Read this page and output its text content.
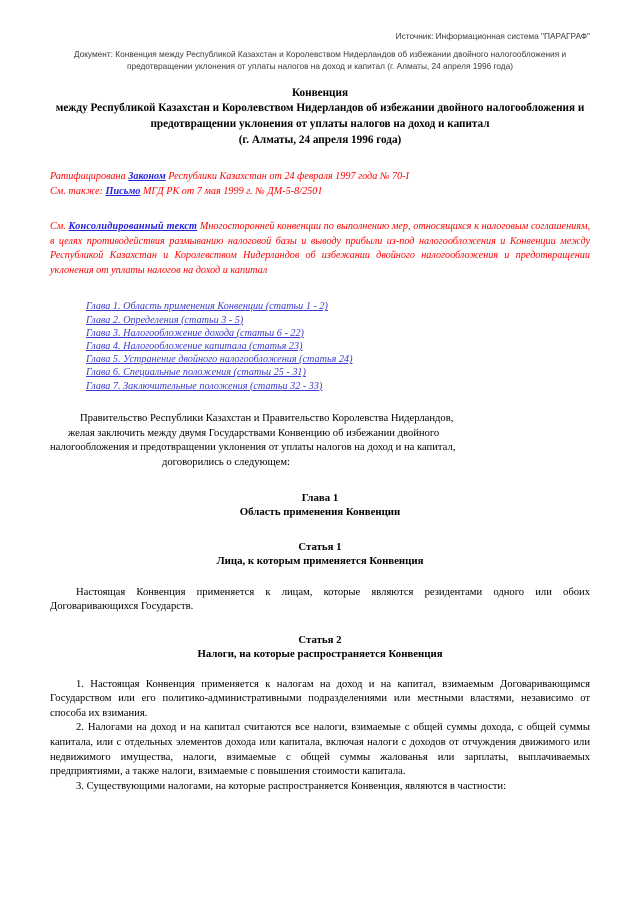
Источник: Информационная система "ПАРАГРАФ"
Документ: Конвенция между Республикой Казахстан и Королевством Нидерландов об избежании двойного налогообложения и предотвращении уклонения от уплаты налогов на доход и капитал (г. Алматы, 24 апреля 1996 года)
Конвенция
между Республикой Казахстан и Королевством Нидерландов об избежании двойного налогообложения и предотвращении уклонения от уплаты налогов на доход и капитал
(г. Алматы, 24 апреля 1996 года)
Ратифицирована Законом Республики Казахстан от 24 февраля 1997 года № 70-I
См. также: Письмо МГД РК от 7 мая 1999 г. № ДМ-5-8/2501
См. Консолидированный текст Многосторонней конвенции по выполнению мер, относящихся к налоговым соглашениям, в целях противодействия размыванию налоговой базы и выводу прибыли из-под налогообложения и Конвенции между Республикой Казахстан и Королевством Нидерландов об избежании двойного налогообложения и предотвращении уклонения от уплаты налогов на доход и капитал
Глава 1. Область применения Конвенции (статьи 1 - 2)
Глава 2. Определения (статьи 3 - 5)
Глава 3. Налогообложение дохода (статьи 6 - 22)
Глава 4. Налогообложение капитала (статья 23)
Глава 5. Устранение двойного налогообложения (статья 24)
Глава 6. Специальные положения (статьи 25 - 31)
Глава 7. Заключительные положения (статьи 32 - 33)
Правительство Республики Казахстан и Правительство Королевства Нидерландов,
желая заключить между двумя Государствами Конвенцию об избежании двойного
налогообложения и предотвращении уклонения от уплаты налогов на доход и на капитал,
договорились о следующем:
Глава 1
Область применения Конвенции
Статья 1
Лица, к которым применяется Конвенция
Настоящая Конвенция применяется к лицам, которые являются резидентами одного или обоих Договаривающихся Государств.
Статья 2
Налоги, на которые распространяется Конвенция

1. Настоящая Конвенция применяется к налогам на доход и на капитал, взимаемым Договаривающимся Государством или его политико-административными подразделениями или местными властями, независимо от способа их взимания.

2. Налогами на доход и на капитал считаются все налоги, взимаемые с общей суммы дохода, с общей суммы капитала, или с отдельных элементов дохода или капитала, включая налоги с доходов от отчуждения движимого или недвижимого имущества, налоги, взимаемые с общей суммы жалованья или зарплаты, выплачиваемых предприятиями, а также налоги, взимаемые с повышения стоимости капитала.

3. Существующими налогами, на которые распространяется Конвенция, являются в частности:
